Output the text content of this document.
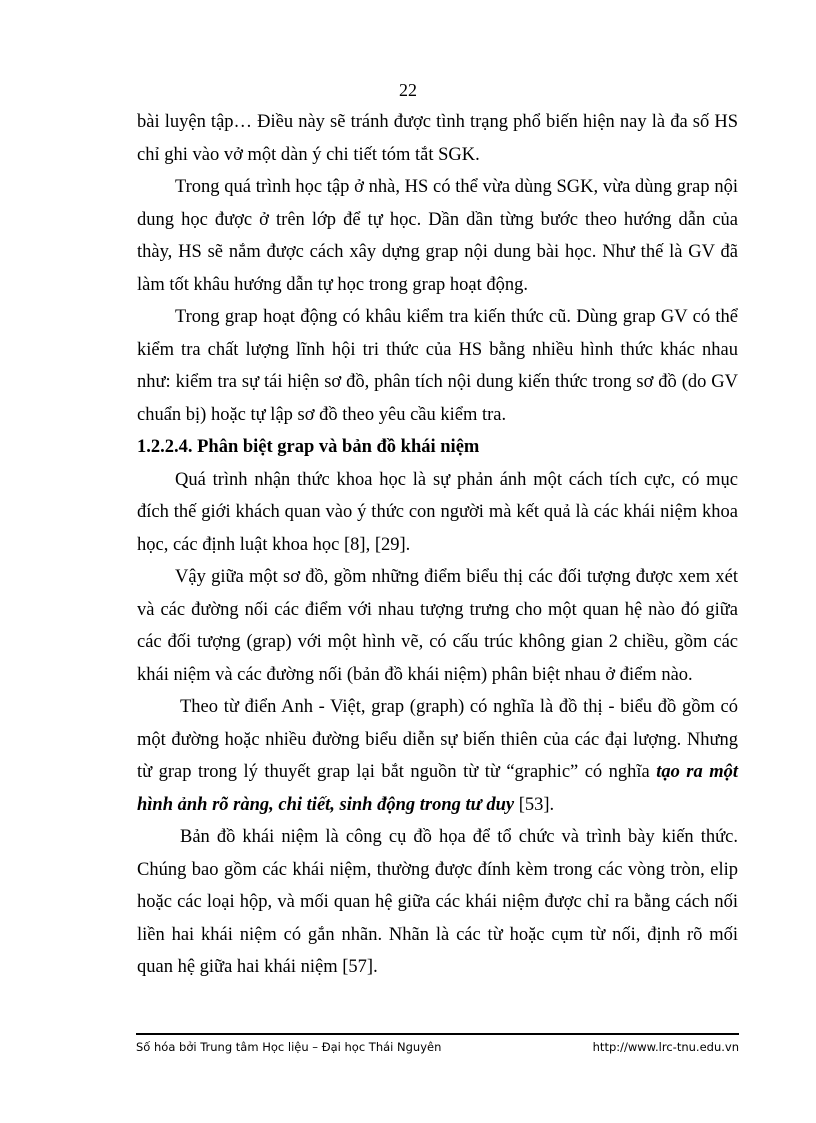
22

bài luyện tập… Điều này sẽ tránh được tình trạng phổ biến hiện nay là đa số HS chỉ ghi vào vở một dàn ý chi tiết tóm tắt SGK.

Trong quá trình học tập ở nhà, HS có thể vừa dùng SGK, vừa dùng grap nội dung học được ở trên lớp để tự học. Dần dần từng bước theo hướng dẫn của thày, HS sẽ nắm được cách xây dựng grap nội dung bài học. Như thế là GV đã làm tốt khâu hướng dẫn tự học trong grap hoạt động.

Trong grap hoạt động có khâu kiểm tra kiến thức cũ. Dùng grap GV có thể kiểm tra chất lượng lĩnh hội tri thức của HS bằng nhiều hình thức khác nhau như: kiểm tra sự tái hiện sơ đồ, phân tích nội dung kiến thức trong sơ đồ (do GV chuẩn bị) hoặc tự lập sơ đồ theo yêu cầu kiểm tra.

1.2.2.4. Phân biệt grap và bản đồ khái niệm

Quá trình nhận thức khoa học là sự phản ánh một cách tích cực, có mục đích thế giới khách quan vào ý thức con người mà kết quả là các khái niệm khoa học, các định luật khoa học [8], [29].

Vậy giữa một sơ đồ, gồm những điểm biểu thị các đối tượng được xem xét và các đường nối các điểm với nhau tượng trưng cho một quan hệ nào đó giữa các đối tượng (grap) với một hình vẽ, có cấu trúc không gian 2 chiều, gồm các khái niệm và các đường nối (bản đồ khái niệm) phân biệt nhau ở điểm nào.

Theo từ điển Anh - Việt, grap (graph) có nghĩa là đồ thị - biểu đồ gồm có một đường hoặc nhiều đường biểu diễn sự biến thiên của các đại lượng. Nhưng từ grap trong lý thuyết grap lại bắt nguồn từ từ “graphic” có nghĩa tạo ra một hình ảnh rõ ràng, chi tiết, sinh động trong tư duy [53].

Bản đồ khái niệm là công cụ đồ họa để tổ chức và trình bày kiến thức. Chúng bao gồm các khái niệm, thường được đính kèm trong các vòng tròn, elip hoặc các loại hộp, và mối quan hệ giữa các khái niệm được chỉ ra bằng cách nối liền hai khái niệm có gắn nhãn. Nhãn là các từ hoặc cụm từ nối, định rõ mối quan hệ giữa hai khái niệm [57].

Số hóa bởi Trung tâm Học liệu – Đại học Thái Nguyên	http://www.lrc-tnu.edu.vn
